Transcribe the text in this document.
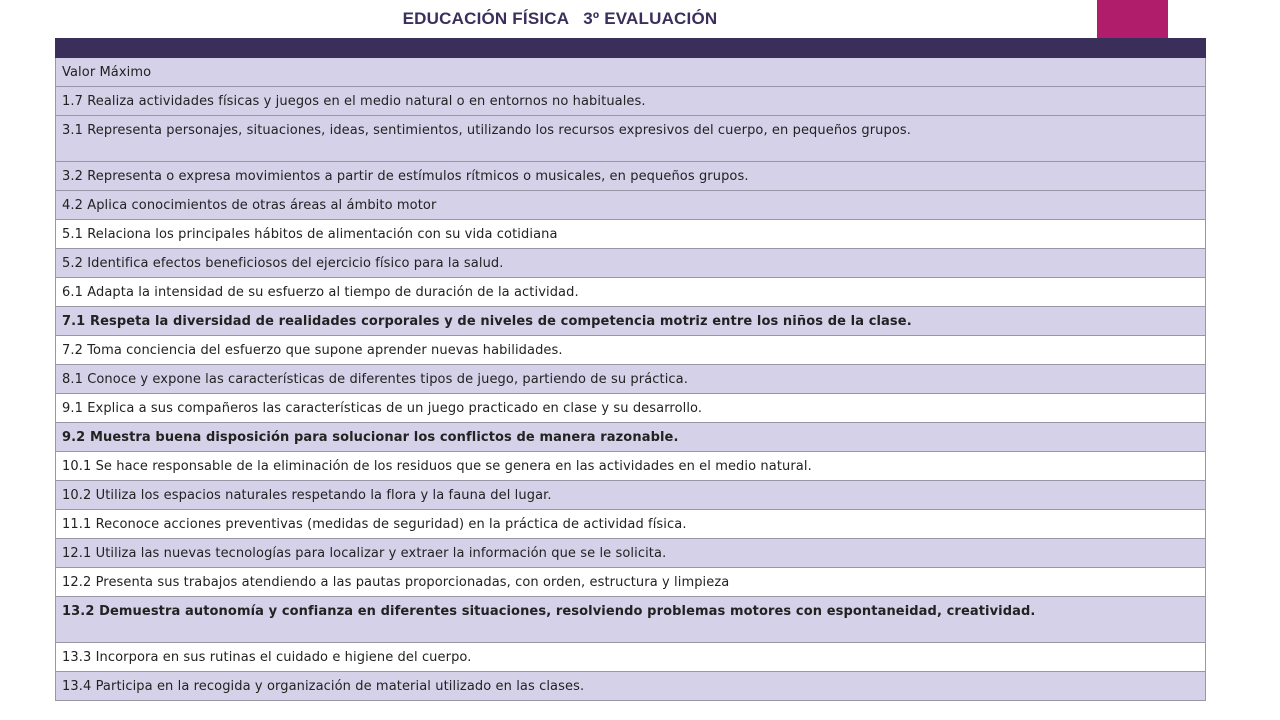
EDUCACIÓN FÍSICA 3º EVALUACIÓN

Valor Máximo
1.7 Realiza actividades físicas y juegos en el medio natural o en entornos no habituales.
3.1 Representa personajes, situaciones, ideas, sentimientos, utilizando los recursos expresivos del cuerpo, en pequeños grupos.
3.2 Representa o expresa movimientos a partir de estímulos rítmicos o musicales, en pequeños grupos.
4.2 Aplica conocimientos de otras áreas al ámbito motor
5.1 Relaciona los principales hábitos de alimentación con su vida cotidiana
5.2 Identifica efectos beneficiosos del ejercicio físico para la salud.
6.1 Adapta la intensidad de su esfuerzo al tiempo de duración de la actividad.
7.1 Respeta la diversidad de realidades corporales y de niveles de competencia motriz entre los niños de la clase.
7.2 Toma conciencia del esfuerzo que supone aprender nuevas habilidades.
8.1 Conoce y expone las características de diferentes tipos de juego, partiendo de su práctica.
9.1 Explica a sus compañeros las características de un juego practicado en clase y su desarrollo.
9.2 Muestra buena disposición para solucionar los conflictos de manera razonable.
10.1 Se hace responsable de la eliminación de los residuos que se genera en las actividades en el medio natural.
10.2 Utiliza los espacios naturales respetando la flora y la fauna del lugar.
11.1 Reconoce acciones preventivas (medidas de seguridad) en la práctica de actividad física.
12.1 Utiliza las nuevas tecnologías para localizar y extraer la información que se le solicita.
12.2 Presenta sus trabajos atendiendo a las pautas proporcionadas, con orden, estructura y limpieza
13.2 Demuestra autonomía y confianza en diferentes situaciones, resolviendo problemas motores con espontaneidad, creatividad.
13.3 Incorpora en sus rutinas el cuidado e higiene del cuerpo.
13.4 Participa en la recogida y organización de material utilizado en las clases.
